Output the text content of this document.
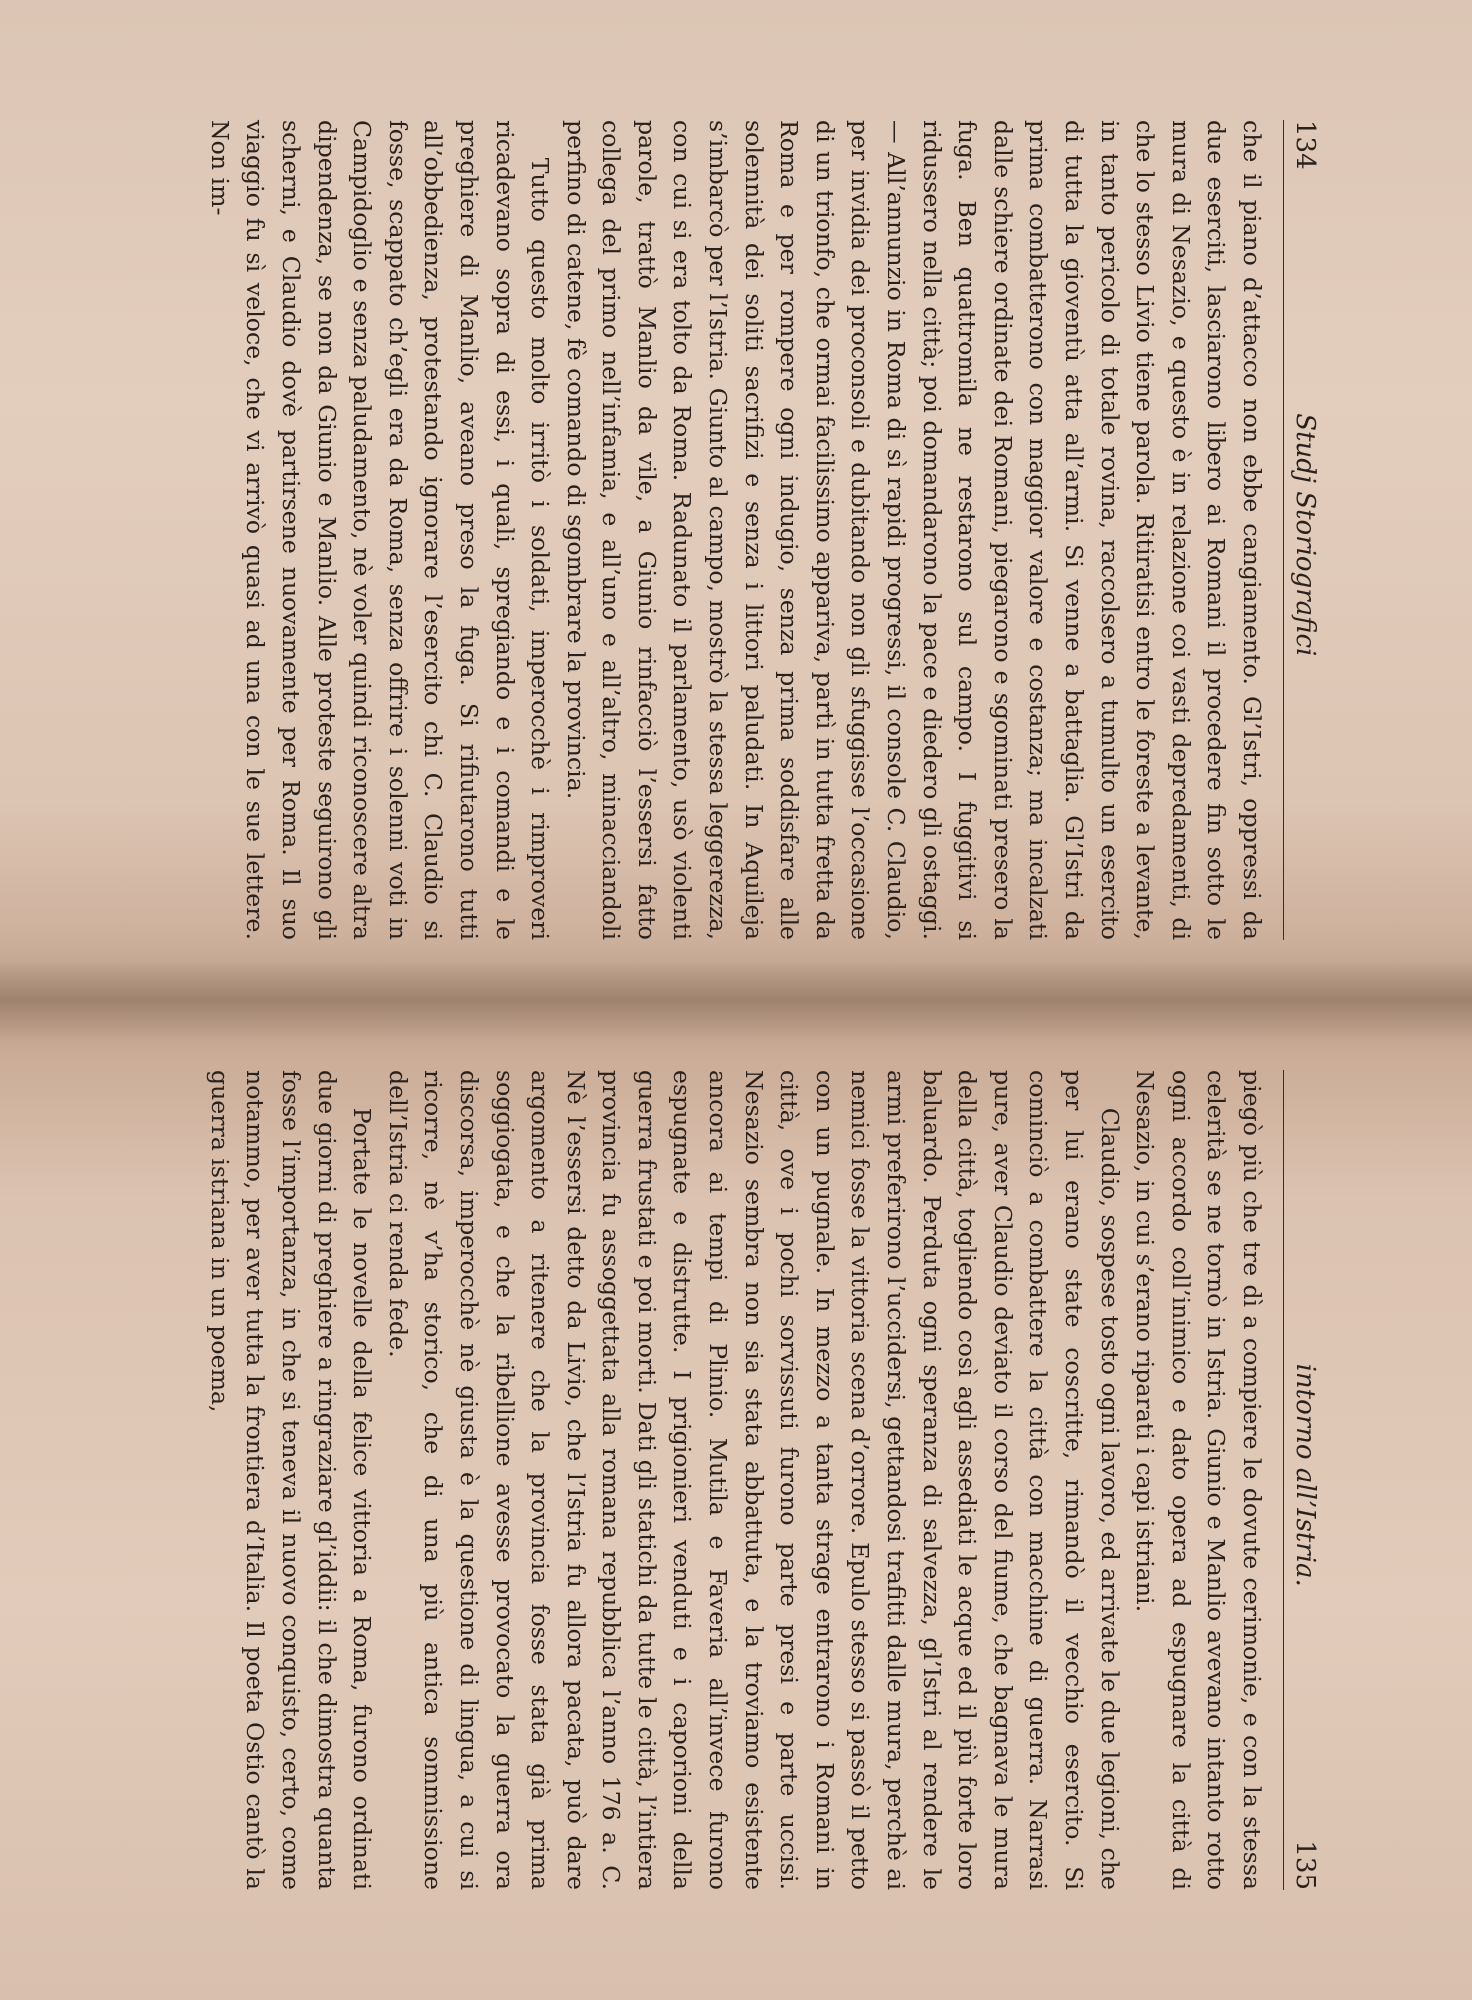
134
Studj Storiografici

che il piano d’attacco non ebbe cangiamento. Gl’Istri, oppressi da due eserciti, lasciarono libero ai Romani il procedere fin sotto le mura di Nesazio, e questo è in relazione coi vasti depredamenti, di che lo stesso Livio tiene parola. Ritiratisi entro le foreste a levante, in tanto pericolo di totale rovina, raccolsero a tumulto un esercito di tutta la gioventù atta all’armi. Si venne a battaglia. Gl’Istri da prima combatterono con maggior valore e costanza; ma incalzati dalle schiere ordinate dei Romani, piegarono e sgominati presero la fuga. Ben quattromila ne restarono sul campo. I fuggitivi si ridussero nella città; poi domandarono la pace e diedero gli ostaggi. — All’annunzio in Roma di sì rapidi progressi, il console C. Claudio, per invidia dei proconsoli e dubitando non gli sfuggisse l’occasione di un trionfo, che ormai facilissimo appariva, partì in tutta fretta da Roma e per rompere ogni indugio, senza prima soddisfare alle solennità dei soliti sacrifizi e senza i littori paludati. In Aquileja s’imbarcò per l’Istria. Giunto al campo, mostrò la stessa leggerezza, con cui si era tolto da Roma. Radunato il parlamento, usò violenti parole, trattò Manlio da vile, a Giunio rinfacciò l’essersi fatto collega del primo nell’infamia, e all’uno e all’altro, minacciandoli perfino di catene, fè comando di sgombrare la provincia.

Tutto questo molto irritò i soldati, imperocchè i rimproveri ricadevano sopra di essi, i quali, spregiando e i comandi e le preghiere di Manlio, aveano preso la fuga. Si rifiutarono tutti all’obbedienza, protestando ignorare l’esercito chi C. Claudio si fosse, scappato ch’egli era da Roma, senza offrire i solenni voti in Campidoglio e senza paludamento, nè voler quindi riconoscere altra dipendenza, se non da Giunio e Manlio. Alle proteste seguirono gli scherni, e Claudio dovè partirsene nuovamente per Roma. Il suo viaggio fu sì veloce, che vi arrivò quasi ad una con le sue lettere. Non im-

intorno all’Istria.
135

piegò più che tre dì a compiere le dovute cerimonie, e con la stessa celerità se ne tornò in Istria. Giunio e Manlio avevano intanto rotto ogni accordo coll’inimico e dato opera ad espugnare la città di Nesazio, in cui s’erano riparati i capi istriani.

Claudio, sospese tosto ogni lavoro, ed arrivate le due legioni, che per lui erano state coscritte, rimandò il vecchio esercito. Si cominciò a combattere la città con macchine di guerra. Narrasi pure, aver Claudio deviato il corso del fiume, che bagnava le mura della città, togliendo così agli assediati le acque ed il più forte loro baluardo. Perduta ogni speranza di salvezza, gl’Istri al rendere le armi preferirono l’uccidersi, gettandosi trafitti dalle mura, perchè ai nemici fosse la vittoria scena d’orrore. Epulo stesso si passò il petto con un pugnale. In mezzo a tanta strage entrarono i Romani in città, ove i pochi sorvissuti furono parte presi e parte uccisi. Nesazio sembra non sia stata abbattuta, e la troviamo esistente ancora ai tempi di Plinio. Mutila e Faveria all’invece furono espugnate e distrutte. I prigionieri venduti e i caporioni della guerra frustati e poi morti. Dati gli statichi da tutte le città, l’intiera provincia fu assoggettata alla romana repubblica l’anno 176 a. C. Nè l’essersi detto da Livio, che l’Istria fu allora pacata, può dare argomento a ritenere che la provincia fosse stata già prima soggiogata, e che la ribellione avesse provocato la guerra ora discorsa, imperocchè nè giusta è la questione di lingua, a cui si ricorre, nè v’ha storico, che di una più antica sommissione dell’Istria ci renda fede.

Portate le novelle della felice vittoria a Roma, furono ordinati due giorni di preghiere a ringraziare gl’iddii: il che dimostra quanta fosse l’importanza, in che si teneva il nuovo conquisto, certo, come notammo, per aver tutta la frontiera d’Italia. Il poeta Ostio cantò la guerra istriana in un poema,
